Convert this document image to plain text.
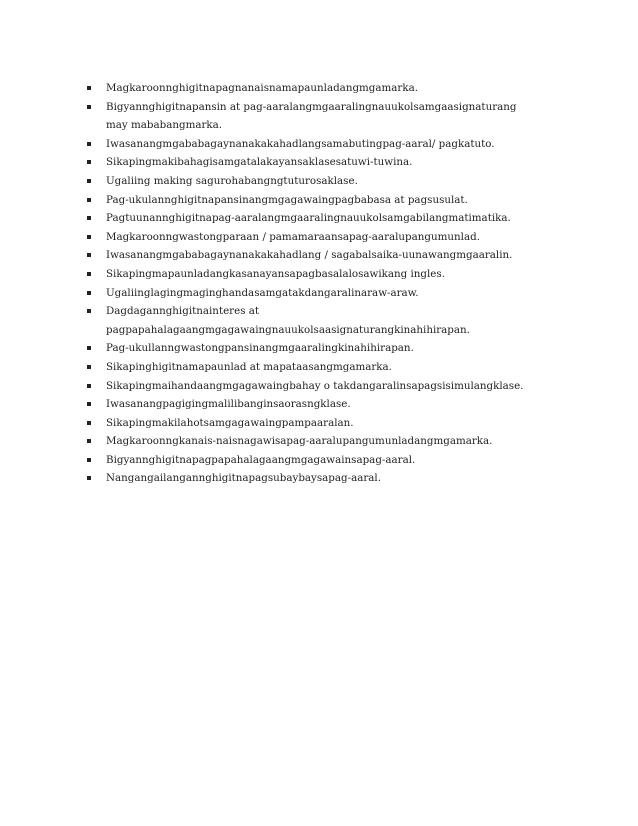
Magkaroonnghigitnapagnanaisnamapaunladangmgamarka.
Bigyannghigitnapansin at pag-aaralangmgaaralingnauukolsamgaasignaturang may mababangmarka.
Iwasanangmgababagaynanakakahadlangsamabutingpag-aaral/ pagkatuto.
Sikapingmakibahagisamgatalakayansaklasesatuwi-tuwina.
Ugaliing making sagurohabangngtuturosaklase.
Pag-ukulannghigitnapansinangmgagawaingpagbabasa at pagsusulat.
Pagtuunannghigitnapag-aaralangmgaaralingnauukolsamgabilangmatimatika.
Magkaroonngwastongparaan / pamamaraansapag-aaralupangumunlad.
Iwasanangmgababagaynanakakahadlang / sagabalsaika-uunawangmgaaralin.
Sikapingmapaunladangkasanayansapagbasalalosawikang ingles.
Ugaliinglagingmaginghandasamgatakdangaralinaraw-araw.
Dagdagannghigitnainteres at pagpapahalagaangmgagawaingnauukolsaasignaturangkinahihirapan.
Pag-ukullanngwastongpansinangmgaaralingkinahihirapan.
Sikapinghigitnamapaunlad at mapataasangmgamarka.
Sikapingmaihandaangmgagawaingbahay o takdangaralinsapagsisimulangklase.
Iwasanangpagigingmalilibanginsaorasngklase.
Sikapingmakilahotsamgagawaingpampaaralan.
Magkaroonngkanais-naisnagawisapag-aaralupangumunladangmgamarka.
Bigyannghigitnapagpapahalagaangmgagawainsapag-aaral.
Nangangailangannghigitnapagsubaybaysapag-aaral.
